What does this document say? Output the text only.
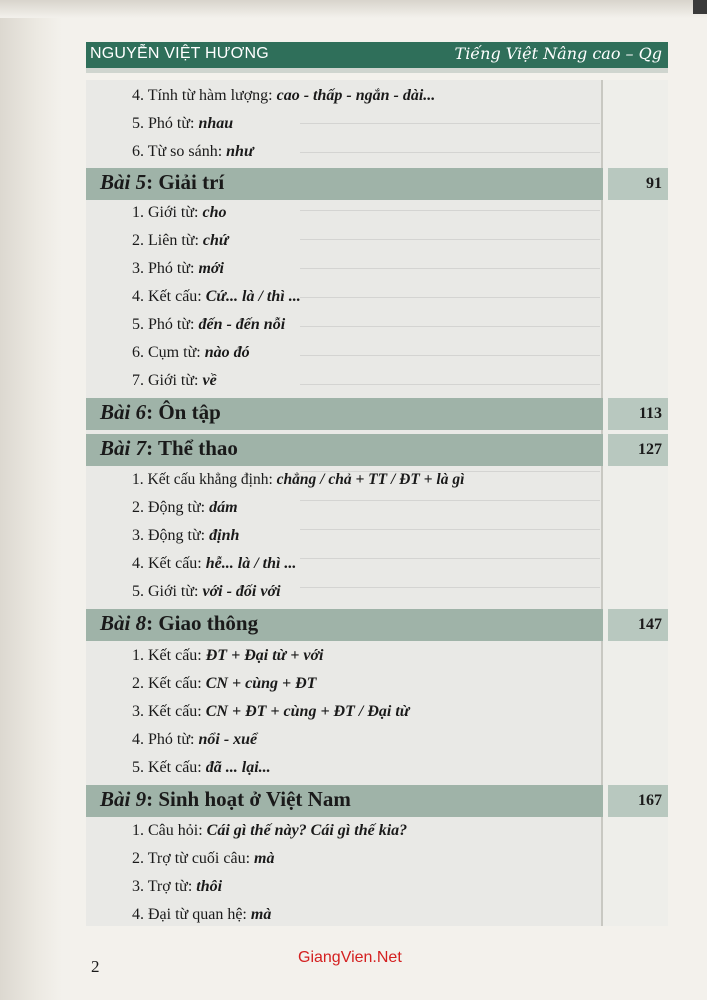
NGUYỄN VIỆT HƯƠNG	Tiếng Việt Nâng cao – Qg
4. Tính từ hàm lượng: cao - thấp - ngắn - dài...
5. Phó từ: nhau
6. Từ so sánh: như
Bài 5: Giải trí	91
1. Giới từ: cho
2. Liên từ: chứ
3. Phó từ: mới
4. Kết cấu: Cứ... là / thì ...
5. Phó từ: đến - đến nỗi
6. Cụm từ: nào đó
7. Giới từ: về
Bài 6: Ôn tập	113
Bài 7: Thể thao	127
1. Kết cấu khẳng định: chẳng / chả + TT / ĐT + là gì
2. Động từ: dám
3. Động từ: định
4. Kết cấu: hễ... là / thì ...
5. Giới từ: với - đối với
Bài 8: Giao thông	147
1. Kết cấu: ĐT + Đại từ + với
2. Kết cấu: CN + cùng + ĐT
3. Kết cấu: CN + ĐT + cùng + ĐT / Đại từ
4. Phó từ: nổi - xuể
5. Kết cấu: đã ... lại...
Bài 9: Sinh hoạt ở Việt Nam	167
1. Câu hỏi: Cái gì thế này? Cái gì thế kia?
2. Trợ từ cuối câu: mà
3. Trợ từ: thôi
4. Đại từ quan hệ: mà
2	GiangVien.Net
